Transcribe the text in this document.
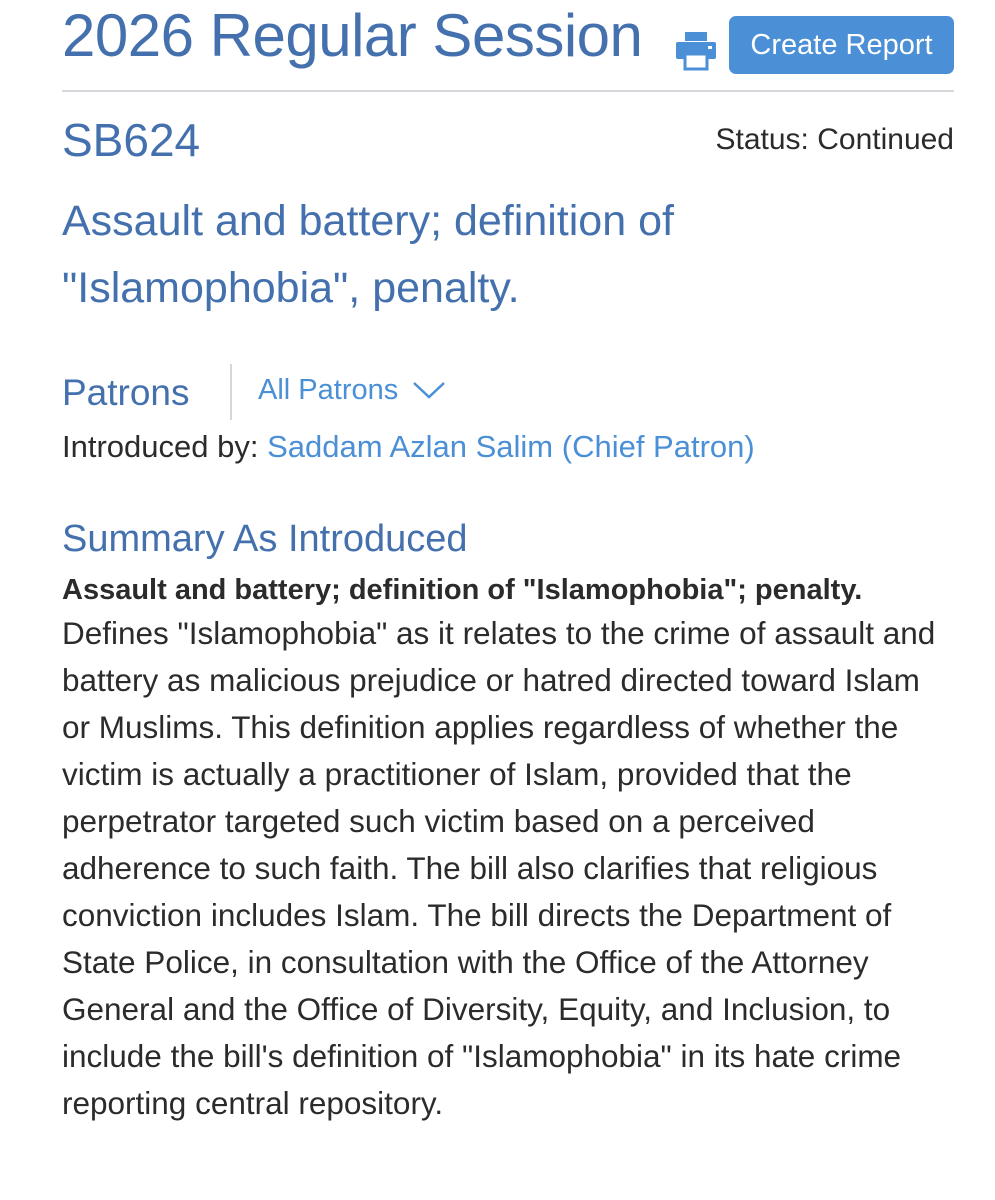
2026 Regular Session	Create Report
SB624	Status: Continued
Assault and battery; definition of "Islamophobia", penalty.
Patrons All Patrons
Introduced by: Saddam Azlan Salim (Chief Patron)
Summary As Introduced

Assault and battery; definition of "Islamophobia"; penalty.

Defines "Islamophobia" as it relates to the crime of assault and battery as malicious prejudice or hatred directed toward Islam or Muslims. This definition applies regardless of whether the victim is actually a practitioner of Islam, provided that the perpetrator targeted such victim based on a perceived adherence to such faith. The bill also clarifies that religious conviction includes Islam. The bill directs the Department of State Police, in consultation with the Office of the Attorney General and the Office of Diversity, Equity, and Inclusion, to include the bill's definition of "Islamophobia" in its hate crime reporting central repository.
